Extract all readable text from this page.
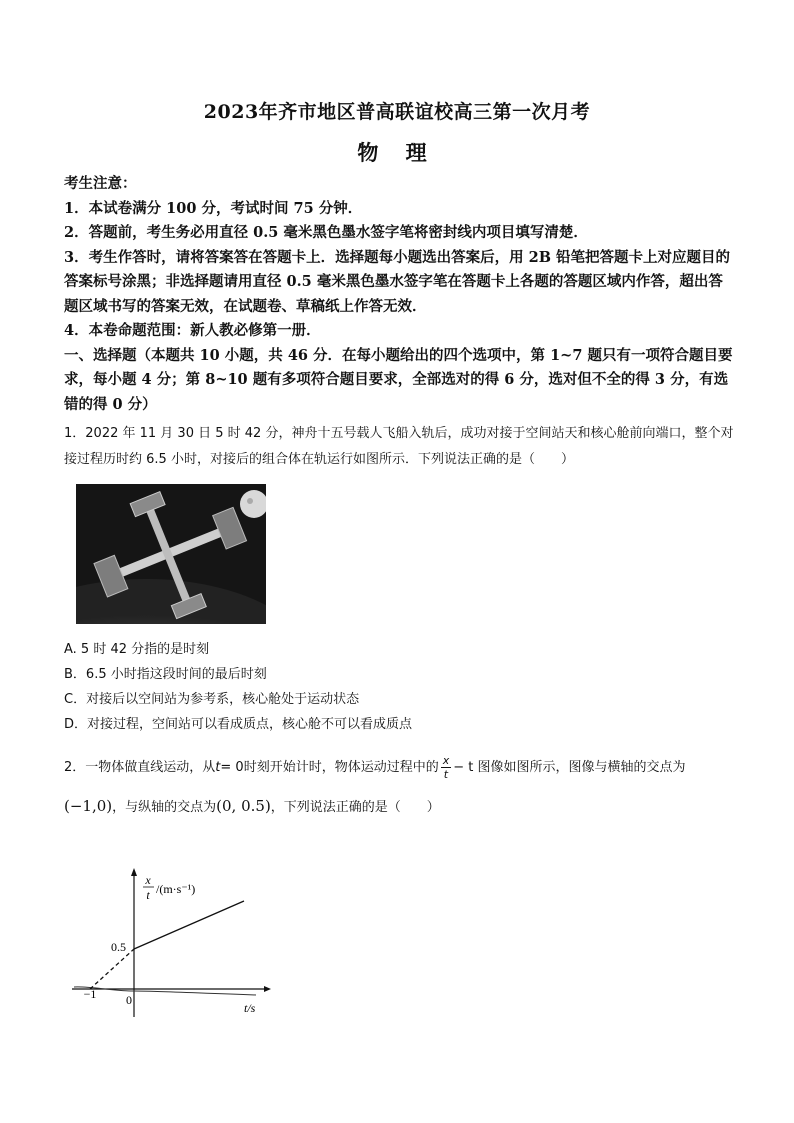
2023年齐市地区普高联谊校高三第一次月考
物 理
考生注意：
1．本试卷满分 100 分，考试时间 75 分钟．
2．答题前，考生务必用直径 0.5 毫米黑色墨水签字笔将密封线内项目填写清楚．
3．考生作答时，请将答案答在答题卡上．选择题每小题选出答案后，用 2B 铅笔把答题卡上对应题目的答案标号涂黑；非选择题请用直径 0.5 毫米黑色墨水签字笔在答题卡上各题的答题区域内作答，超出答题区域书写的答案无效，在试题卷、草稿纸上作答无效．
4．本卷命题范围：新人教必修第一册．
一、选择题（本题共 10 小题，共 46 分．在每小题给出的四个选项中，第 1~7 题只有一项符合题目要求，每小题 4 分；第 8~10 题有多项符合题目要求，全部选对的得 6 分，选对但不全的得 3 分，有选错的得 0 分）
1．2022 年 11 月 30 日 5 时 42 分，神舟十五号载人飞船入轨后，成功对接于空间站天和核心舱前向端口，整个对接过程历时约 6.5 小时，对接后的组合体在轨运行如图所示．下列说法正确的是（　　）
A. 5 时 42 分指的是时刻
B．6.5 小时指这段时间的最后时刻
C．对接后以空间站为参考系，核心舱处于运动状态
D．对接过程，空间站可以看成质点，核心舱不可以看成质点
2．一物体做直线运动，从t= 0时刻开始计时，物体运动过程中的 $\frac{x}{t} - t$ 图像如图所示，图像与横轴的交点为
(−1,0)，与纵轴的交点为(0, 0.5)，下列说法正确的是（　　）
x
t /(m·s⁻¹)
0.5
−1 0
t/s
